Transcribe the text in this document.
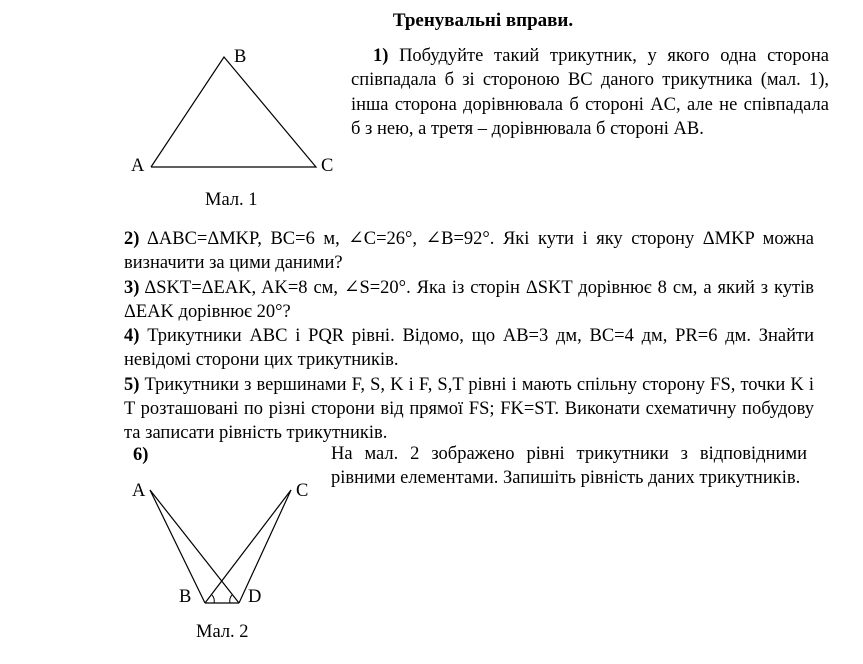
Тренувальні вправи.
1) Побудуйте такий трикутник, у якого одна сторона співпадала б зі стороною BC даного трикутника (мал. 1), інша сторона дорівнювала б стороні AC, але не співпадала б з нею, а третя – дорівнювала б стороні AB.
A
B
C
Мал. 1

2) ΔABC=ΔMKP, BC=6 м, ∠C=26°, ∠B=92°. Які кути і яку сторону ΔMKP можна визначити за цими даними?

3) ΔSKT=ΔEAK, AK=8 см, ∠S=20°. Яка із сторін ΔSKT дорівнює 8 см, а який з кутів ΔEAK дорівнює 20°?

4) Трикутники ABC і PQR рівні. Відомо, що AB=3 дм, BC=4 дм, PR=6 дм. Знайти невідомі сторони цих трикутників.

5) Трикутники з вершинами F, S, K і F, S,T рівні і мають спільну сторону FS, точки K і T розташовані по різні сторони від прямої FS; FK=ST. Виконати схематичну побудову та записати рівність трикутників.

6)	На мал. 2 зображено рівні трикутники з відповідними рівними елементами. Запишіть рівність даних трикутників.
A	C
B	D
Мал. 2
